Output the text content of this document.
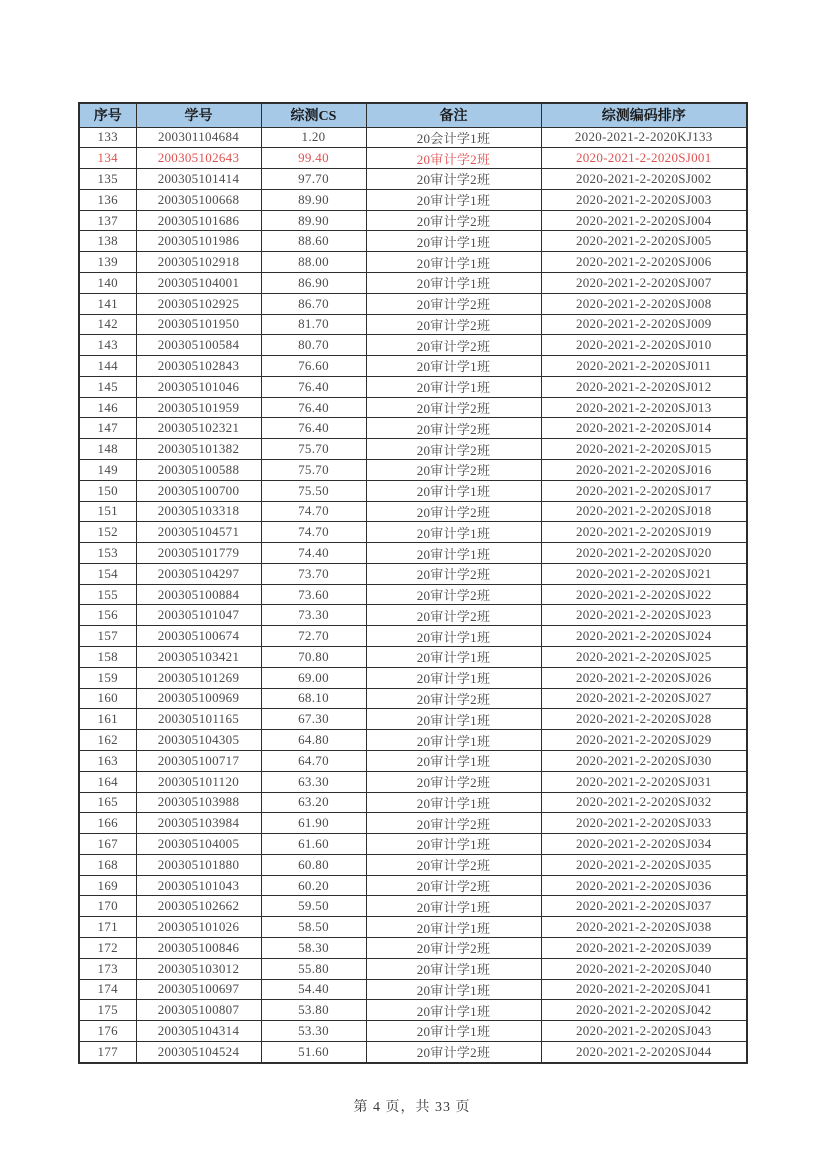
序号	学号	综测CS	备注	综测编码排序
133	200301104684	1.20	20会计学1班	2020-2021-2-2020KJ133
134	200305102643	99.40	20审计学2班	2020-2021-2-2020SJ001
135	200305101414	97.70	20审计学2班	2020-2021-2-2020SJ002
136	200305100668	89.90	20审计学1班	2020-2021-2-2020SJ003
137	200305101686	89.90	20审计学2班	2020-2021-2-2020SJ004
138	200305101986	88.60	20审计学1班	2020-2021-2-2020SJ005
139	200305102918	88.00	20审计学1班	2020-2021-2-2020SJ006
140	200305104001	86.90	20审计学1班	2020-2021-2-2020SJ007
141	200305102925	86.70	20审计学2班	2020-2021-2-2020SJ008
142	200305101950	81.70	20审计学2班	2020-2021-2-2020SJ009
143	200305100584	80.70	20审计学2班	2020-2021-2-2020SJ010
144	200305102843	76.60	20审计学1班	2020-2021-2-2020SJ011
145	200305101046	76.40	20审计学1班	2020-2021-2-2020SJ012
146	200305101959	76.40	20审计学2班	2020-2021-2-2020SJ013
147	200305102321	76.40	20审计学2班	2020-2021-2-2020SJ014
148	200305101382	75.70	20审计学2班	2020-2021-2-2020SJ015
149	200305100588	75.70	20审计学2班	2020-2021-2-2020SJ016
150	200305100700	75.50	20审计学1班	2020-2021-2-2020SJ017
151	200305103318	74.70	20审计学2班	2020-2021-2-2020SJ018
152	200305104571	74.70	20审计学1班	2020-2021-2-2020SJ019
153	200305101779	74.40	20审计学1班	2020-2021-2-2020SJ020
154	200305104297	73.70	20审计学2班	2020-2021-2-2020SJ021
155	200305100884	73.60	20审计学2班	2020-2021-2-2020SJ022
156	200305101047	73.30	20审计学2班	2020-2021-2-2020SJ023
157	200305100674	72.70	20审计学1班	2020-2021-2-2020SJ024
158	200305103421	70.80	20审计学1班	2020-2021-2-2020SJ025
159	200305101269	69.00	20审计学1班	2020-2021-2-2020SJ026
160	200305100969	68.10	20审计学2班	2020-2021-2-2020SJ027
161	200305101165	67.30	20审计学1班	2020-2021-2-2020SJ028
162	200305104305	64.80	20审计学1班	2020-2021-2-2020SJ029
163	200305100717	64.70	20审计学1班	2020-2021-2-2020SJ030
164	200305101120	63.30	20审计学2班	2020-2021-2-2020SJ031
165	200305103988	63.20	20审计学1班	2020-2021-2-2020SJ032
166	200305103984	61.90	20审计学2班	2020-2021-2-2020SJ033
167	200305104005	61.60	20审计学1班	2020-2021-2-2020SJ034
168	200305101880	60.80	20审计学2班	2020-2021-2-2020SJ035
169	200305101043	60.20	20审计学2班	2020-2021-2-2020SJ036
170	200305102662	59.50	20审计学1班	2020-2021-2-2020SJ037
171	200305101026	58.50	20审计学1班	2020-2021-2-2020SJ038
172	200305100846	58.30	20审计学2班	2020-2021-2-2020SJ039
173	200305103012	55.80	20审计学1班	2020-2021-2-2020SJ040
174	200305100697	54.40	20审计学1班	2020-2021-2-2020SJ041
175	200305100807	53.80	20审计学1班	2020-2021-2-2020SJ042
176	200305104314	53.30	20审计学1班	2020-2021-2-2020SJ043
177	200305104524	51.60	20审计学2班	2020-2021-2-2020SJ044
第 4 页，共 33 页
